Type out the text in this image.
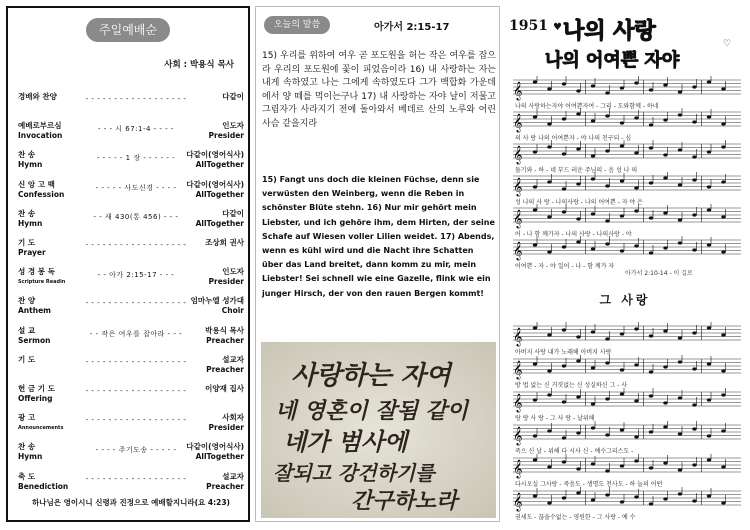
주일예배순
사회 : 박용식 목사
경배와 찬양	- - - - - - - - - - - - - - - - - -	다같이
예배로부르심
Invocation
- - - 시 67:1-4 - - - -	인도자
Presider
찬 송
Hymn
- - - - - 1 장 - - - - - -	다같이(영어식사)
AllTogether
신 앙 고 백
Confession
- - - - - 사도신경 - - - -	다같이(영어식사)
AllTogether
찬 송
Hymn
- - 새 430(통 456) - - -	다같이
AllTogether
기 도
Prayer
- - - - - - - - - - - - - - - - - -	조상희 권사
성 경 봉 독
Scripture Readin
- - 아가 2:15-17 - - -	인도자
Presider
찬 양
Anthem
- - - - - - - - - - - - - - - - - - 엄마누엘 성가대
Choir
설 교
Sermon
- - 작은 여우를 잡아라 - - -	박용식 목사
Preacher
기 도	- - - - - - - - - - - - - - - - - -	설교자
Preacher
헌 금 기 도
Offering
- - - - - - - - - - - - - - - - - -	이양재 집사
광 고
Announcements
- - - - - - - - - - - - - - - - - -	사회자
Presider
찬 송
Hymn
- - - - 주기도송 - - - - -	다같이(영어식사)
AllTogether
축 도
Benediction
- - - - - - - - - - - - - - - - - -	설교자
Preacher
하나님은 영이시니 신령과 진정으로 예배할지니라(요 4:23)
오늘의 말씀	아가서 2:15-17
15) 우리를 위하여 여우 곧 포도원을 허는 작은 여우를 잡으라 우리의 포도원에 꽃이 피었음이라 16) 내 사랑하는 자는 내게 속하였고 나는 그에게 속하였도다 그가 백합화 가운데에서 양 떼를 먹이는구나 17) 내 사랑하는 자야 날이 저물고 그림자가 사라지기 전에 돌아와서 베데르 산의 노루와 어린 사슴 같을지라
15) Fangt uns doch die kleinen Füchse, denn sie verwüsten den Weinberg, wenn die Reben in schönster Blüte stehn. 16) Nur mir gehört mein Liebster, und ich gehöre ihm, dem Hirten, der seine Schafe auf Wiesen voller Lilien weidet. 17) Abends, wenn es kühl wird und die Nacht ihre Schatten über das Land breitet, dann komm zu mir, mein Liebster! Sei schnell wie eine Gazelle, flink wie ein junger Hirsch, der von den rauen Bergen kommt!
사랑하는 자여
네 영혼이 잘됨 같이
네가 범사에
잘되고 강건하기를
간구하노라
1951 나의 사랑
나의 어여쁜 자야
♥
♡
𝄞
나의 사랑하는자야 어여쁜자여 - 그리 - 도와함께 - 하네
𝄞
의 사 랑 나의 어여쁜자 - 야 나의 친구되 - 심
𝄞
돌기와 - 하 - 네 부드 러운 주님의 - 음 성 나 의
𝄞
성 나의 사 랑 - 나의사랑 - 나의 어여쁜 - 자 야 은
𝄞
어 - 나 함 께가자 - 나의 사랑 - 나의사랑 - 야
𝄞
어여쁜 - 자 - 야 일어 - 나 - 함 께가 자
아가서 2:10-14 - 이 길로
그 사랑
𝄞
아버지 사랑 내가 노래해 아버지 사랑
𝄞
방 법 없는 신 거짓없는 신 성실하신 그 - 사
𝄞
랑 랑 사 랑 - 그 사 랑 - 날위해
𝄞
죽으 신 날 - 위해 다 시사 신 - 예수그리스도 -
𝄞
다시오실 그사랑 - 죽음도 - 생명도 천사도 - 하 늘의 어떤
𝄞
권세도 - 끊을수없는 - 영원한 - 그 사랑 - 예 수
